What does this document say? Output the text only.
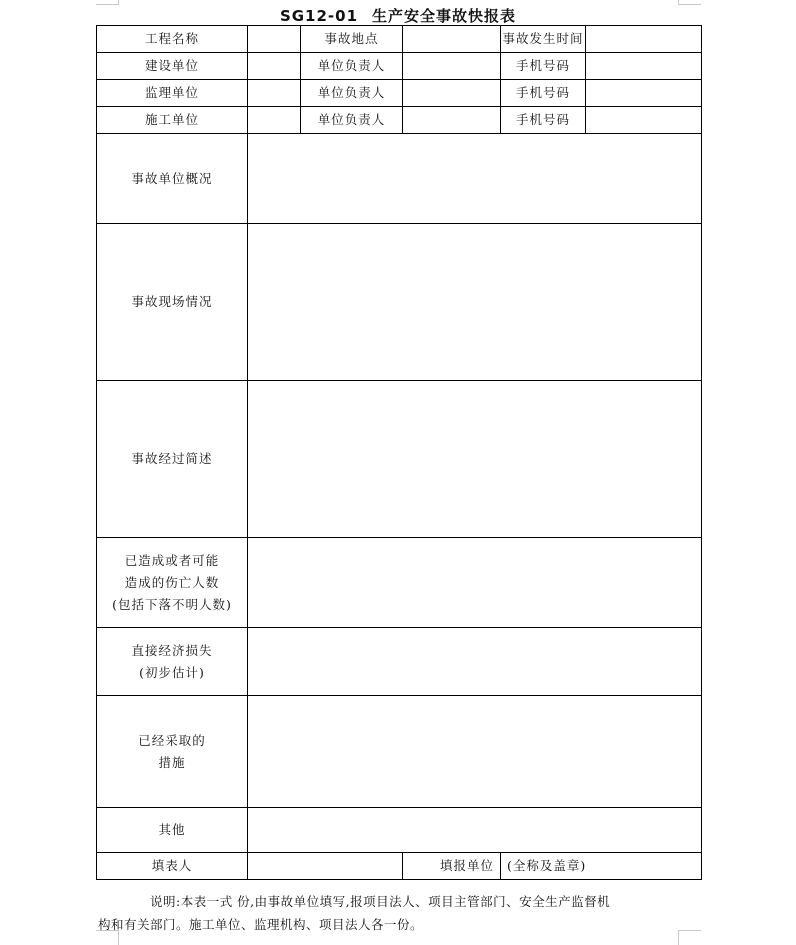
SG12-01 生产安全事故快报表
工程名称		事故地点		事故发生时间	
建设单位		单位负责人		手机号码	
监理单位		单位负责人		手机号码	
施工单位		单位负责人		手机号码	
事故单位概况					
事故现场情况					
事故经过简述					

已造成或者可能
造成的伤亡人数
(包括下落不明人数)					

直接经济损失
(初步估计)					

已经采取的
措施					

其他					
填表人			填报单位	(全称及盖章)	

说明:本表一式 份,由事故单位填写,报项目法人、项目主管部门、安全生产监督机

构和有关部门。施工单位、监理机构、项目法人各一份。
